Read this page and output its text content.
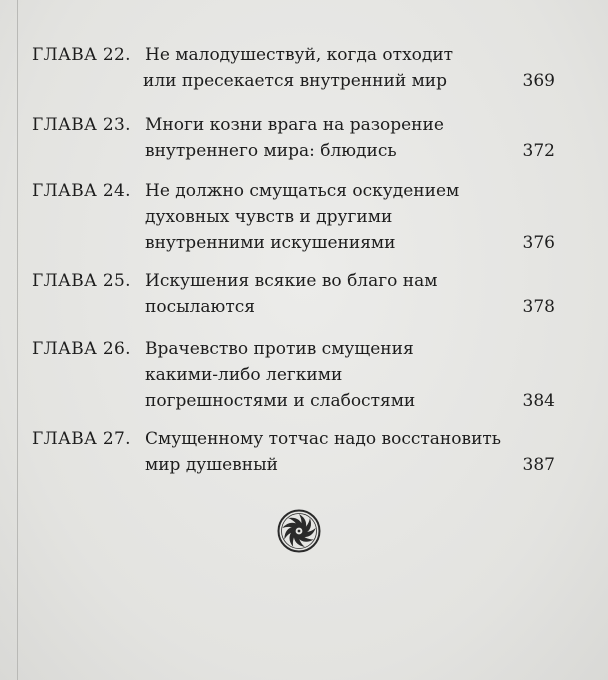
ГЛАВА 22. Не малодушествуй, когда отходит
или пресекается внутренний мир	369
ГЛАВА 23. Многи козни врага на разорение
внутреннего мира: блюдись	372
ГЛАВА 24. Не должно смущаться оскудением
духовных чувств и другими
внутренними искушениями	376
ГЛАВА 25. Искушения всякие во благо нам
посылаются	378
ГЛАВА 26. Врачевство против смущения
какими-либо легкими
погрешностями и слабостями	384
ГЛАВА 27. Смущенному тотчас надо восстановить
мир душевный	387
